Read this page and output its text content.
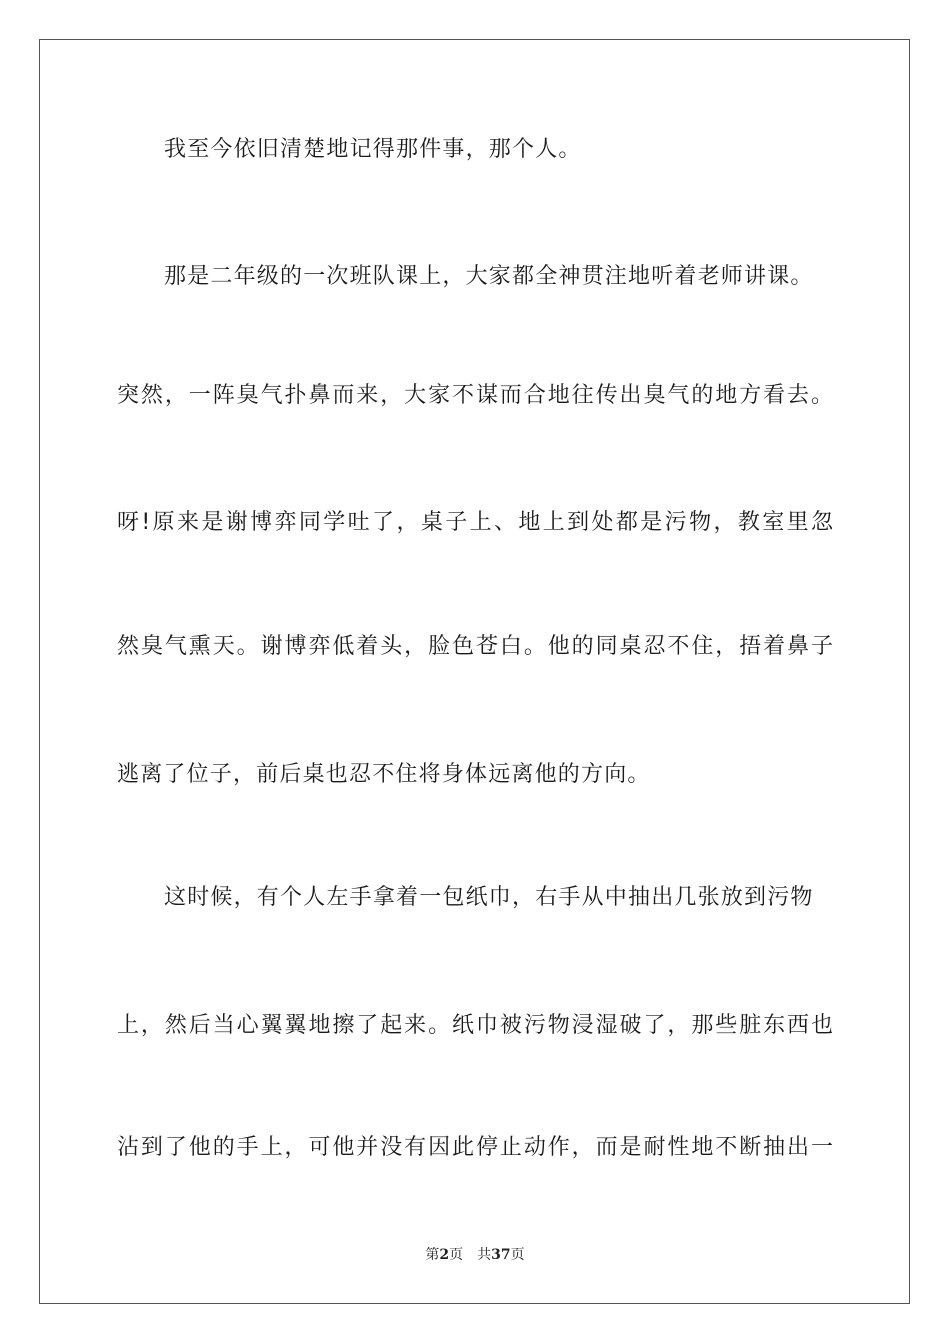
我至今依旧清楚地记得那件事，那个人。
那是二年级的一次班队课上，大家都全神贯注地听着老师讲课。
突然，一阵臭气扑鼻而来，大家不谋而合地往传出臭气的地方看去。
呀!原来是谢博弈同学吐了，桌子上、地上到处都是污物，教室里忽
然臭气熏天。谢博弈低着头，脸色苍白。他的同桌忍不住，捂着鼻子
逃离了位子，前后桌也忍不住将身体远离他的方向。
这时候，有个人左手拿着一包纸巾，右手从中抽出几张放到污物
上，然后当心翼翼地擦了起来。纸巾被污物浸湿破了，那些脏东西也
沾到了他的手上，可他并没有因此停止动作，而是耐性地不断抽出一
第2页 共37页
